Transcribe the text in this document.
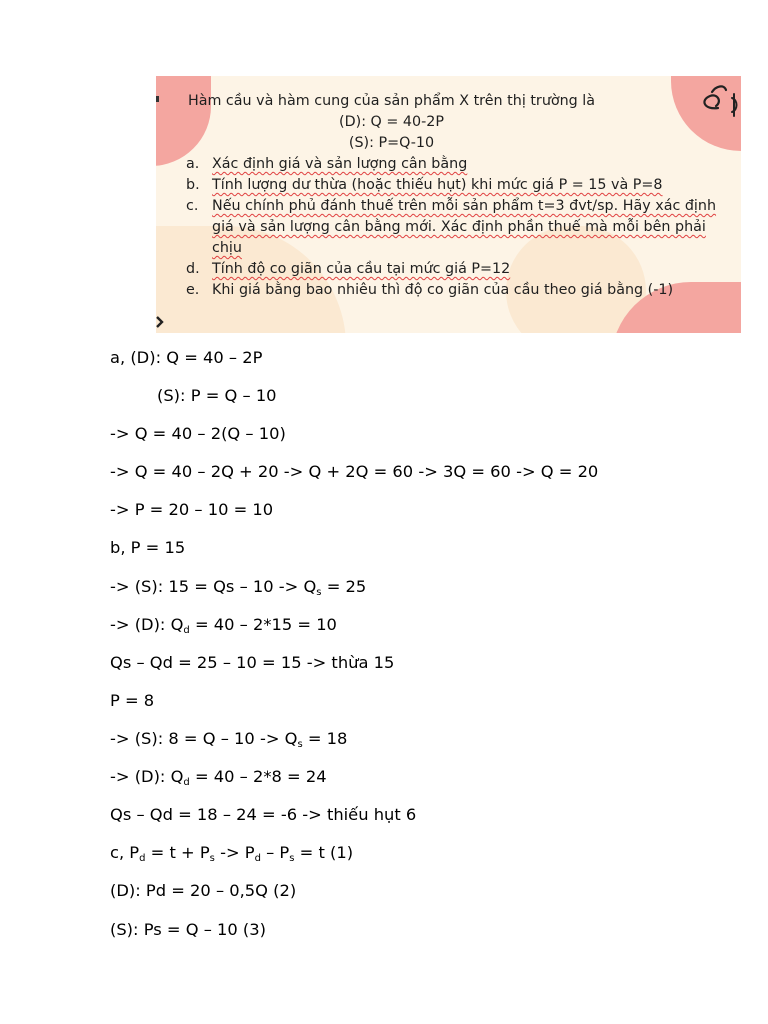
Hàm cầu và hàm cung của sản phẩm X trên thị trường là
(D): Q = 40-2P
(S): P=Q-10
a. Xác định giá và sản lượng cân bằng
b. Tính lượng dư thừa (hoặc thiếu hụt) khi mức giá P = 15 và P=8
c. Nếu chính phủ đánh thuế trên mỗi sản phẩm t=3 đvt/sp. Hãy xác định giá và sản lượng cân bằng mới. Xác định phần thuế mà mỗi bên phải chịu
d. Tính độ co giãn của cầu tại mức giá P=12
e. Khi giá bằng bao nhiêu thì độ co giãn của cầu theo giá bằng (-1)
a, (D): Q = 40 – 2P
(S): P = Q – 10
-> Q = 40 – 2(Q – 10)
-> Q = 40 – 2Q + 20 -> Q + 2Q = 60 -> 3Q = 60 -> Q = 20
-> P = 20 – 10 = 10
b, P = 15
-> (S): $15 = Qs - 10 -> Q_s = 25$
-> (D): $Q_d = 40 - 2*15 = 10$
Qs – Qd = 25 – 10 = 15 -> thừa 15
P = 8
-> (S): $8 = Q - 10 -> Q_s = 18$
-> (D): $Q_d = 40 - 2*8 = 24$
Qs – Qd = 18 – 24 = -6 -> thiếu hụt 6
c, $P_d = t + P_s -> P_d - P_s = t$ (1)
(D): Pd = 20 – 0,5Q (2)
(S): Ps = Q – 10 (3)
